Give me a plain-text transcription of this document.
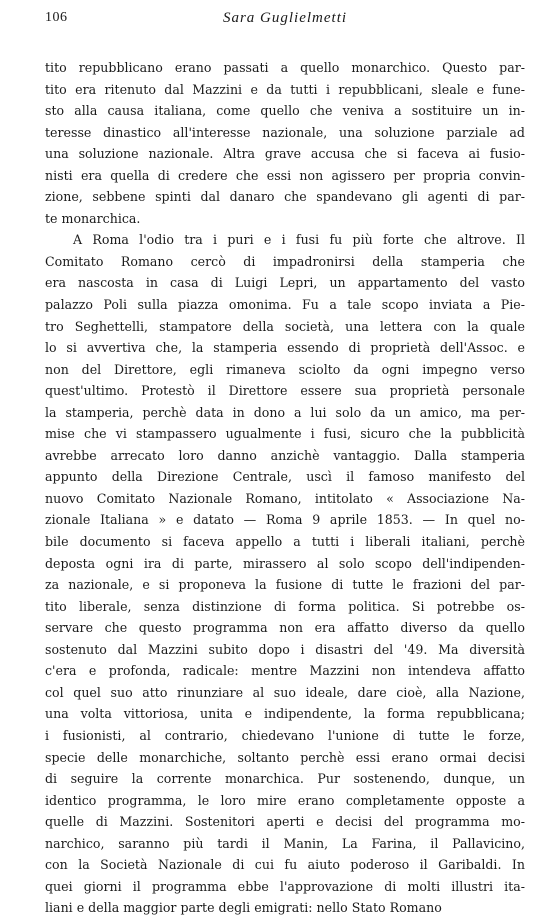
106	Sara Guglielmetti
tito repubblicano erano passati a quello monarchico. Questo par-
tito era ritenuto dal Mazzini e da tutti i repubblicani, sleale e fune-
sto alla causa italiana, come quello che veniva a sostituire un in-
teresse dinastico all'interesse nazionale, una soluzione parziale ad
una soluzione nazionale. Altra grave accusa che si faceva ai fusio-
nisti era quella di credere che essi non agissero per propria convin-
zione, sebbene spinti dal danaro che spandevano gli agenti di par-
te monarchica.
A Roma l'odio tra i puri e i fusi fu più forte che altrove. Il
Comitato Romano cercò di impadronirsi della stamperia che
era nascosta in casa di Luigi Lepri, un appartamento del vasto
palazzo Poli sulla piazza omonima. Fu a tale scopo inviata a Pie-
tro Seghettelli, stampatore della società, una lettera con la quale
lo si avvertiva che, la stamperia essendo di proprietà dell'Assoc. e
non del Direttore, egli rimaneva sciolto da ogni impegno verso
quest'ultimo. Protestò il Direttore essere sua proprietà personale
la stamperia, perchè data in dono a lui solo da un amico, ma per-
mise che vi stampassero ugualmente i fusi, sicuro che la pubblicità
avrebbe arrecato loro danno anzichè vantaggio. Dalla stamperia
appunto della Direzione Centrale, uscì il famoso manifesto del
nuovo Comitato Nazionale Romano, intitolato « Associazione Na-
zionale Italiana » e datato — Roma 9 aprile 1853. — In quel no-
bile documento si faceva appello a tutti i liberali italiani, perchè
deposta ogni ira di parte, mirassero al solo scopo dell'indipenden-
za nazionale, e si proponeva la fusione di tutte le frazioni del par-
tito liberale, senza distinzione di forma politica. Si potrebbe os-
servare che questo programma non era affatto diverso da quello
sostenuto dal Mazzini subito dopo i disastri del '49. Ma diversità
c'era e profonda, radicale: mentre Mazzini non intendeva affatto
col quel suo atto rinunziare al suo ideale, dare cioè, alla Nazione,
una volta vittoriosa, unita e indipendente, la forma repubblicana;
i fusionisti, al contrario, chiedevano l'unione di tutte le forze,
specie delle monarchiche, soltanto perchè essi erano ormai decisi
di seguire la corrente monarchica. Pur sostenendo, dunque, un
identico programma, le loro mire erano completamente opposte a
quelle di Mazzini. Sostenitori aperti e decisi del programma mo-
narchico, saranno più tardi il Manin, La Farina, il Pallavicino,
con la Società Nazionale di cui fu aiuto poderoso il Garibaldi. In
quei giorni il programma ebbe l'approvazione di molti illustri ita-
liani e della maggior parte degli emigrati: nello Stato Romano
